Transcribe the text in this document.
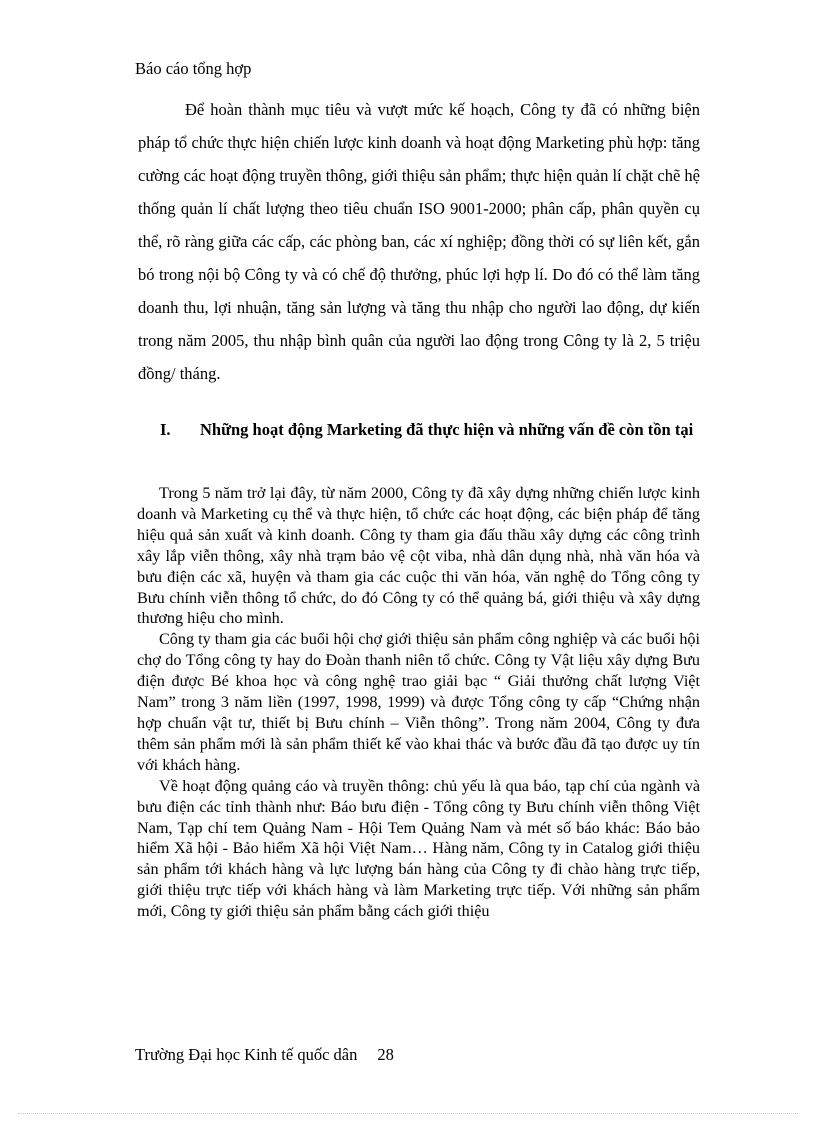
Báo cáo tổng hợp

Để hoàn thành mục tiêu và vượt mức kế hoạch, Công ty đã có những biện pháp tổ chức thực hiện chiến lược kinh doanh và hoạt động Marketing phù hợp: tăng cường các hoạt động truyền thông, giới thiệu sản phẩm; thực hiện quản lí chặt chẽ hệ thống quản lí chất lượng theo tiêu chuẩn ISO 9001-2000; phân cấp, phân quyền cụ thể, rõ ràng giữa các cấp, các phòng ban, các xí nghiệp; đồng thời có sự liên kết, gắn bó trong nội bộ Công ty và có chế độ thưởng, phúc lợi hợp lí. Do đó có thể làm tăng doanh thu, lợi nhuận, tăng sản lượng và tăng thu nhập cho người lao động, dự kiến trong năm 2005, thu nhập bình quân của người lao động trong Công ty là 2, 5 triệu đồng/ tháng.

I. Những hoạt động Marketing đã thực hiện và những vấn đề còn tồn tại

Trong 5 năm trở lại đây, từ năm 2000, Công ty đã xây dựng những chiến lược kinh doanh và Marketing cụ thể và thực hiện, tổ chức các hoạt động, các biện pháp để tăng hiệu quả sản xuất và kinh doanh. Công ty tham gia đấu thầu xây dựng các công trình xây lắp viễn thông, xây nhà trạm bảo vệ cột viba, nhà dân dụng nhà, nhà văn hóa và bưu điện các xã, huyện và tham gia các cuộc thi văn hóa, văn nghệ do Tổng công ty Bưu chính viễn thông tổ chức, do đó Công ty có thể quảng bá, giới thiệu và xây dựng thương hiệu cho mình.

Công ty tham gia các buổi hội chợ giới thiệu sản phẩm công nghiệp và các buổi hội chợ do Tổng công ty hay do Đoàn thanh niên tổ chức. Công ty Vật liệu xây dựng Bưu điện được Bé khoa học và công nghệ trao giải bạc “ Giải thưởng chất lượng Việt Nam” trong 3 năm liền (1997, 1998, 1999) và được Tổng công ty cấp “Chứng nhận hợp chuẩn vật tư, thiết bị Bưu chính – Viễn thông”. Trong năm 2004, Công ty đưa thêm sản phẩm mới là sản phẩm thiết kế vào khai thác và bước đầu đã tạo được uy tín với khách hàng.

Về hoạt động quảng cáo và truyền thông: chủ yếu là qua báo, tạp chí của ngành và bưu điện các tỉnh thành như: Báo bưu điện - Tổng công ty Bưu chính viễn thông Việt Nam, Tạp chí tem Quảng Nam - Hội Tem Quảng Nam và mét số báo khác: Báo bảo hiểm Xã hội - Bảo hiểm Xã hội Việt Nam… Hàng năm, Công ty in Catalog giới thiệu sản phẩm tới khách hàng và lực lượng bán hàng của Công ty đi chào hàng trực tiếp, giới thiệu trực tiếp với khách hàng và làm Marketing trực tiếp. Với những sản phẩm mới, Công ty giới thiệu sản phẩm bằng cách giới thiệu

Trường Đại học Kinh tế quốc dân 28
